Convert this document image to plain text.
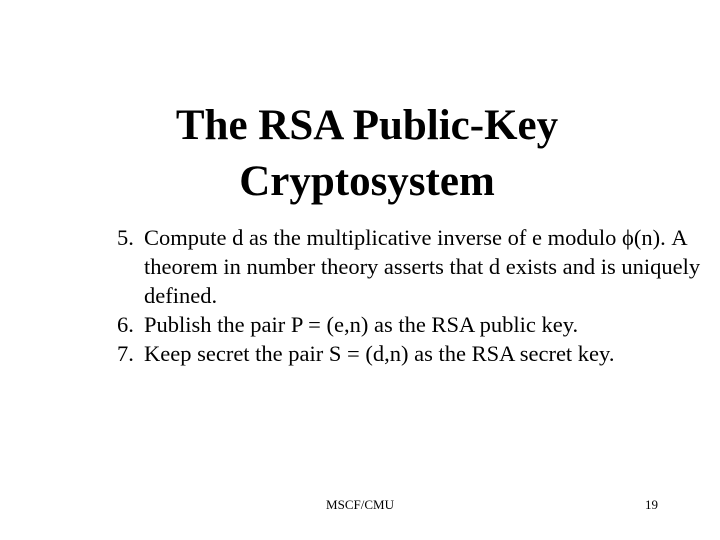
The RSA Public-Key
Cryptosystem
5. Compute d as the multiplicative inverse of e modulo ϕ(n). A theorem in number theory asserts that d exists and is uniquely defined.
6. Publish the pair P = (e,n) as the RSA public key.
7. Keep secret the pair S = (d,n) as the RSA secret key.
MSCF/CMU	19
